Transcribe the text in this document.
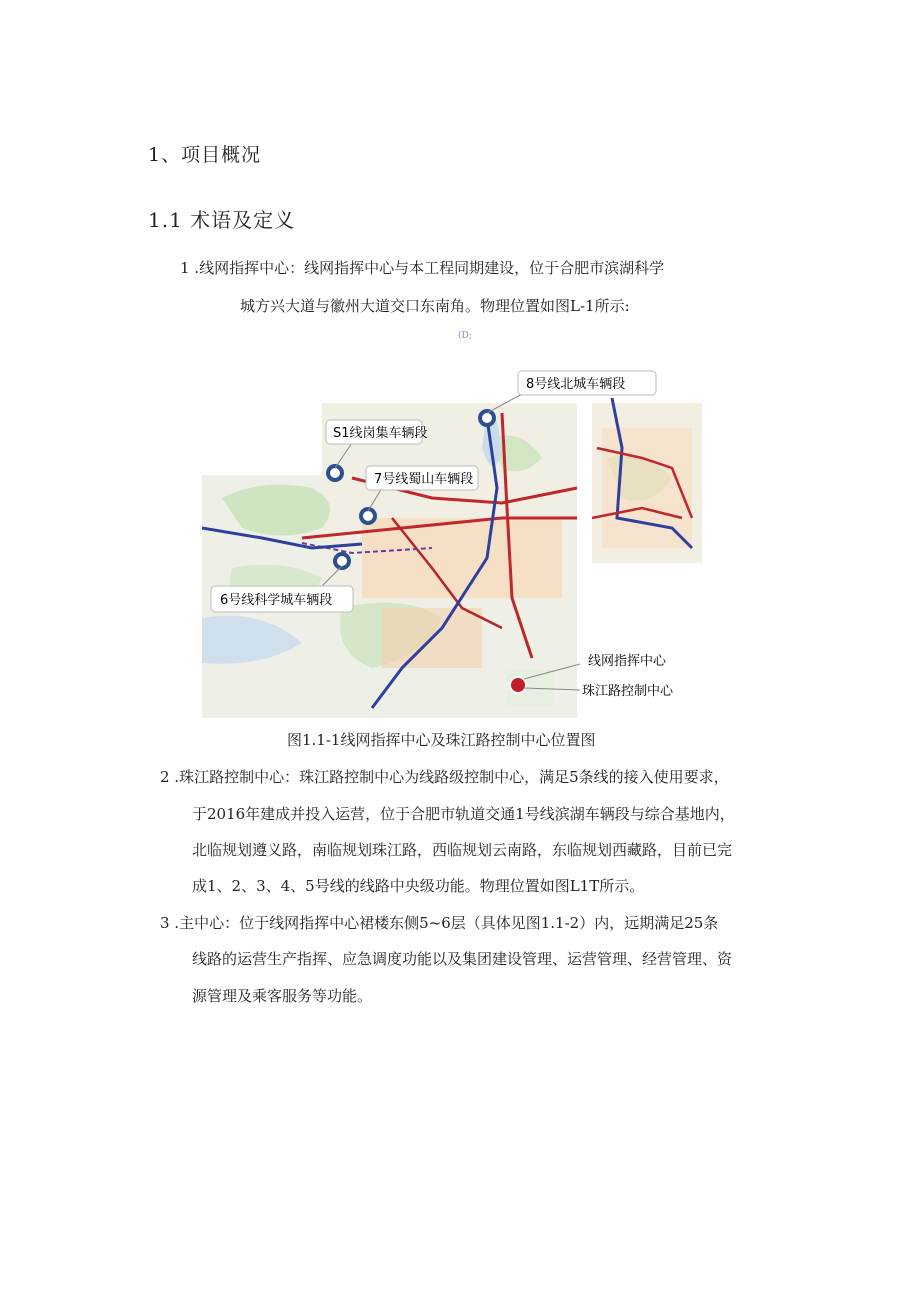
1、项目概况
1.1 术语及定义
1 .线网指挥中心：线网指挥中心与本工程同期建设，位于合肥市滨湖科学
城方兴大道与徽州大道交口东南角。物理位置如图L-1所示:
(D;
8号线北城车辆段
S1线岗集车辆段
7号线蜀山车辆段
6号线科学城车辆段
线网指挥中心
珠江路控制中心
图1.1-1线网指挥中心及珠江路控制中心位置图
2 .珠江路控制中心：珠江路控制中心为线路级控制中心，满足5条线的接入使用要求，
于2016年建成并投入运营，位于合肥市轨道交通1号线滨湖车辆段与综合基地内，
北临规划遵义路，南临规划珠江路，西临规划云南路，东临规划西藏路，目前已完
成1、2、3、4、5号线的线路中央级功能。物理位置如图L1T所示。
3 .主中心：位于线网指挥中心裙楼东侧5~6层（具体见图1.1-2）内，远期满足25条
线路的运营生产指挥、应急调度功能以及集团建设管理、运营管理、经营管理、资
源管理及乘客服务等功能。
